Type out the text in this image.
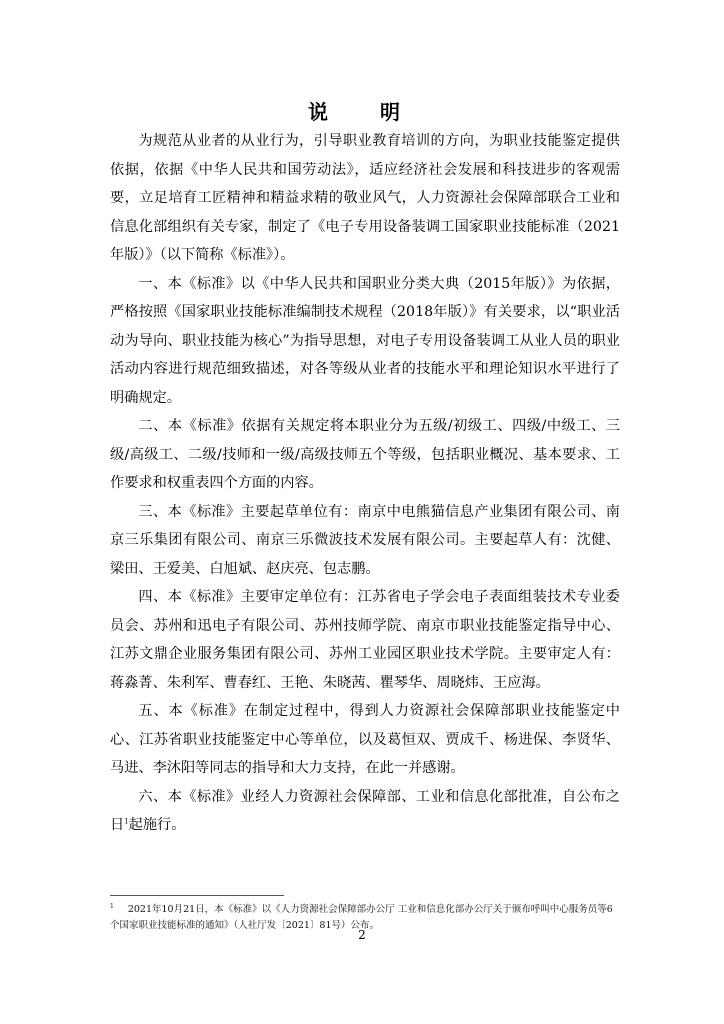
说　明

为规范从业者的从业行为，引导职业教育培训的方向，为职业技能鉴定提供依据，依据《中华人民共和国劳动法》，适应经济社会发展和科技进步的客观需要，立足培育工匠精神和精益求精的敬业风气，人力资源社会保障部联合工业和信息化部组织有关专家，制定了《电子专用设备装调工国家职业技能标准（2021年版）》（以下简称《标准》）。

一、本《标准》以《中华人民共和国职业分类大典（2015年版）》为依据，严格按照《国家职业技能标准编制技术规程（2018年版）》有关要求，以“职业活动为导向、职业技能为核心”为指导思想，对电子专用设备装调工从业人员的职业活动内容进行规范细致描述，对各等级从业者的技能水平和理论知识水平进行了明确规定。

二、本《标准》依据有关规定将本职业分为五级/初级工、四级/中级工、三级/高级工、二级/技师和一级/高级技师五个等级，包括职业概况、基本要求、工作要求和权重表四个方面的内容。

三、本《标准》主要起草单位有：南京中电熊猫信息产业集团有限公司、南京三乐集团有限公司、南京三乐微波技术发展有限公司。主要起草人有：沈健、梁田、王爱美、白旭斌、赵庆亮、包志鹏。

四、本《标准》主要审定单位有：江苏省电子学会电子表面组装技术专业委员会、苏州和迅电子有限公司、苏州技师学院、南京市职业技能鉴定指导中心、江苏文鼎企业服务集团有限公司、苏州工业园区职业技术学院。主要审定人有：蒋淼菁、朱利军、曹春红、王艳、朱晓茜、瞿琴华、周晓炜、王应海。

五、本《标准》在制定过程中，得到人力资源社会保障部职业技能鉴定中心、江苏省职业技能鉴定中心等单位，以及葛恒双、贾成千、杨进保、李贤华、马进、李沐阳等同志的指导和大力支持，在此一并感谢。

六、本《标准》业经人力资源社会保障部、工业和信息化部批准，自公布之日$^1$起施行。

$^1$ 2021年10月21日，本《标准》以《人力资源社会保障部办公厅 工业和信息化部办公厅关于颁布呼叫中心服务员等6个国家职业技能标准的通知》（人社厅发〔2021〕81号）公布。
2
